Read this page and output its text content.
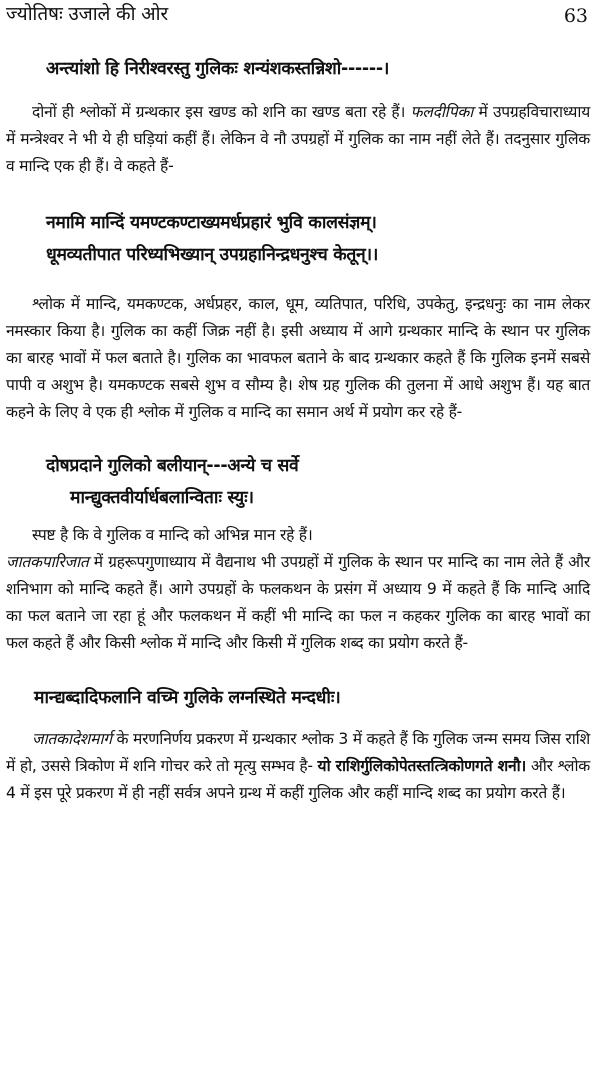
ज्योतिषः उजाले की ओर	63
अन्त्यांशो हि निरीश्वरस्तु गुलिकः शन्यंशकस्तन्निशो------।

दोनों ही श्लोकों में ग्रन्थकार इस खण्ड को शनि का खण्ड बता रहे हैं। फलदीपिका में उपग्रहविचाराध्याय में मन्त्रेश्वर ने भी ये ही घड़ियां कहीं हैं। लेकिन वे नौ उपग्रहों में गुलिक का नाम नहीं लेते हैं। तदनुसार गुलिक व मान्दि एक ही हैं। वे कहते हैं-

नमामि मान्दिं यमण्टकण्टाख्यमर्धप्रहारं भुवि कालसंज्ञम्।
धूमव्यतीपात परिध्यभिख्यान् उपग्रहानिन्द्रधनुश्च केतून्।।

श्लोक में मान्दि, यमकण्टक, अर्धप्रहर, काल, धूम, व्यतिपात, परिधि, उपकेतु, इन्द्रधनुः का नाम लेकर नमस्कार किया है। गुलिक का कहीं जिक्र नहीं है। इसी अध्याय में आगे ग्रन्थकार मान्दि के स्थान पर गुलिक का बारह भावों में फल बताते है। गुलिक का भावफल बताने के बाद ग्रन्थकार कहते हैं कि गुलिक इनमें सबसे पापी व अशुभ है। यमकण्टक सबसे शुभ व सौम्य है। शेष ग्रह गुलिक की तुलना में आधे अशुभ हैं। यह बात कहने के लिए वे एक ही श्लोक में गुलिक व मान्दि का समान अर्थ में प्रयोग कर रहे हैं-

दोषप्रदाने गुलिको बलीयान्---अन्ये च सर्वे
मान्द्युक्तवीर्यार्धबलान्विताः स्युः।

स्पष्ट है कि वे गुलिक व मान्दि को अभिन्न मान रहे हैं।
जातकपारिजात में ग्रहरूपगुणाध्याय में वैद्यनाथ भी उपग्रहों में गुलिक के स्थान पर मान्दि का नाम लेते हैं और शनिभाग को मान्दि कहते हैं। आगे उपग्रहों के फलकथन के प्रसंग में अध्याय 9 में कहते हैं कि मान्दि आदि का फल बताने जा रहा हूं और फलकथन में कहीं भी मान्दि का फल न कहकर गुलिक का बारह भावों का फल कहते हैं और किसी श्लोक में मान्दि और किसी में गुलिक शब्द का प्रयोग करते हैं-

मान्द्यब्दादिफलानि वच्मि गुलिके लग्नस्थिते मन्दधीः।

जातकादेशमार्ग के मरणनिर्णय प्रकरण में ग्रन्थकार श्लोक 3 में कहते हैं कि गुलिक जन्म समय जिस राशि में हो, उससे त्रिकोण में शनि गोचर करे तो मृत्यु सम्भव है- यो राशिर्गुलिकोपेतस्तत्त्रिकोणगते शनौ। और श्लोक 4 में इस पूरे प्रकरण में ही नहीं सर्वत्र अपने ग्रन्थ में कहीं गुलिक और कहीं मान्दि शब्द का प्रयोग करते हैं।
